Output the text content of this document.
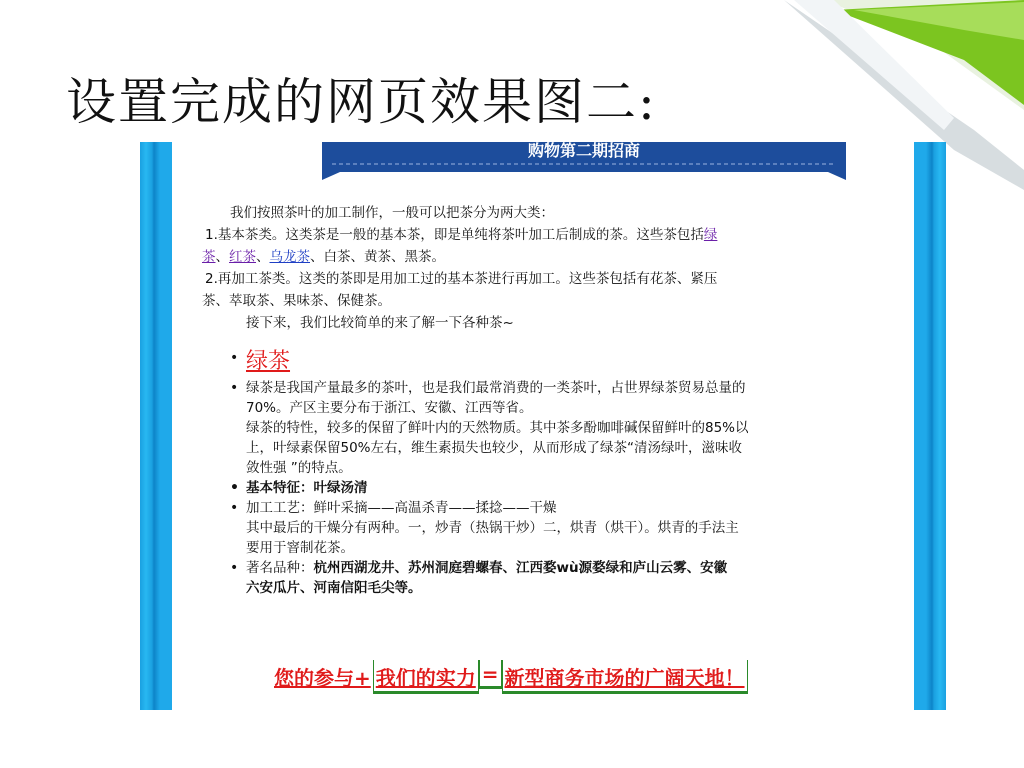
设置完成的网页效果图二:
购物第二期招商
我们按照茶叶的加工制作，一般可以把茶分为两大类：
1.基本茶类。这类茶是一般的基本茶，即是单纯将茶叶加工后制成的茶。这些茶包括绿
茶、红茶、乌龙茶、白茶、黄茶、黑茶。
2.再加工茶类。这类的茶即是用加工过的基本茶进行再加工。这些茶包括有花茶、紧压
茶、萃取茶、果味茶、保健茶。
接下来，我们比较简单的来了解一下各种茶~
• 绿茶
• 绿茶是我国产量最多的茶叶，也是我们最常消费的一类茶叶，占世界绿茶贸易总量的
70%。产区主要分布于浙江、安徽、江西等省。
绿茶的特性，较多的保留了鲜叶内的天然物质。其中茶多酚咖啡碱保留鲜叶的85%以
上，叶绿素保留50%左右，维生素损失也较少，从而形成了绿茶“清汤绿叶，滋味收
敛性强 ”的特点。
• 基本特征：叶绿汤清
• 加工工艺：鲜叶采摘——高温杀青——揉捻——干燥
其中最后的干燥分有两种。一，炒青（热锅干炒）二，烘青（烘干）。烘青的手法主
要用于窨制花茶。
• 著名品种：杭州西湖龙井、苏州洞庭碧螺春、江西婺wù源婺绿和庐山云雾、安徽
六安瓜片、河南信阳毛尖等。
您的参与+ 我们的实力 = 新型商务市场的广阔天地！
